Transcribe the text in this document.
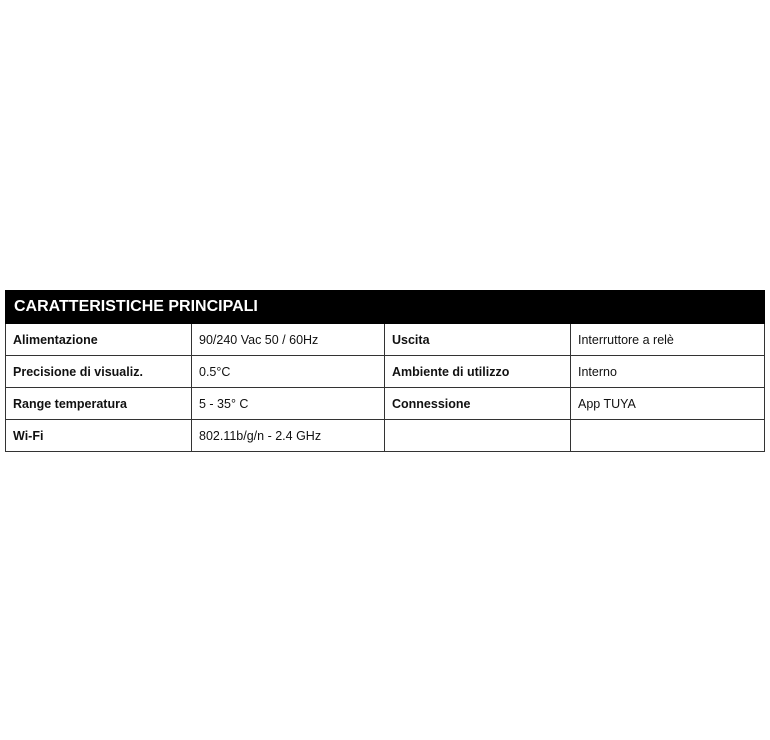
CARATTERISTICHE PRINCIPALI			
Alimentazione	90/240 Vac 50 / 60Hz	Uscita	Interruttore a relè
Precisione di visualiz.	0.5°C	Ambiente di utilizzo	Interno
Range temperatura	5 - 35° C	Connessione	App TUYA
Wi-Fi	802.11b/g/n - 2.4 GHz		
